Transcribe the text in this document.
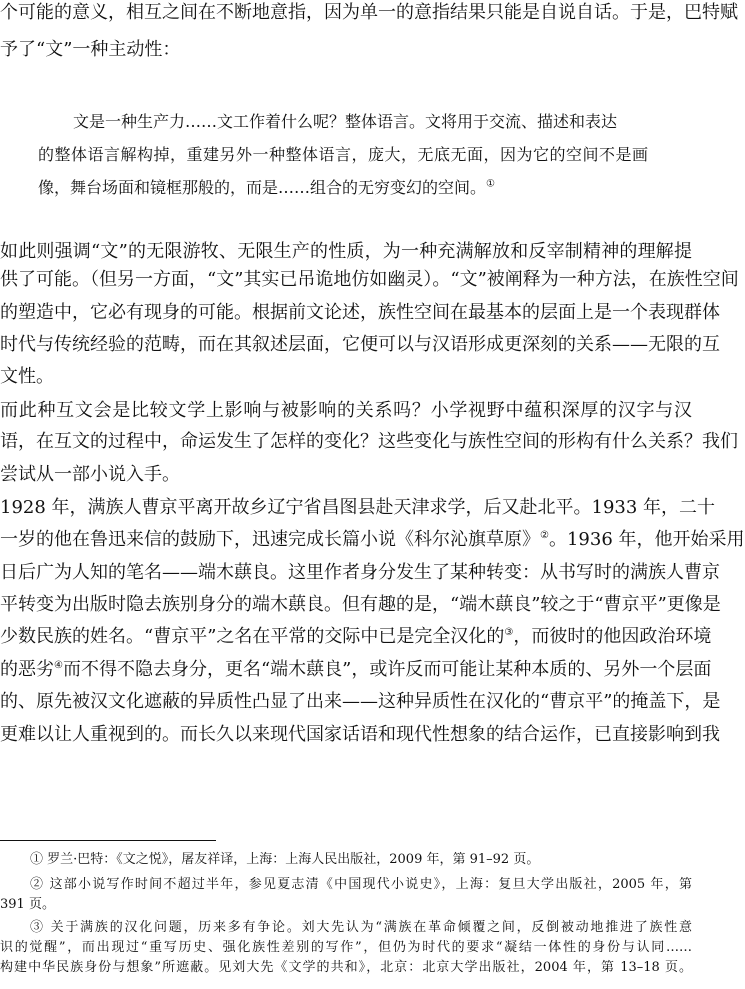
个可能的意义，相互之间在不断地意指，因为单一的意指结果只能是自说自话。于是，巴特赋
予了“文”一种主动性：
文是一种生产力……文工作着什么呢？整体语言。文将用于交流、描述和表达
的整体语言解构掉，重建另外一种整体语言，庞大，无底无面，因为它的空间不是画
像，舞台场面和镜框那般的，而是……组合的无穷变幻的空间。①
如此则强调“文”的无限游牧、无限生产的性质，为一种充满解放和反宰制精神的理解提
供了可能。（但另一方面，“文”其实已吊诡地仿如幽灵）。“文”被阐释为一种方法，在族性空间
的塑造中，它必有现身的可能。根据前文论述，族性空间在最基本的层面上是一个表现群体
时代与传统经验的范畴，而在其叙述层面，它便可以与汉语形成更深刻的关系——无限的互
文性。
而此种互文会是比较文学上影响与被影响的关系吗？小学视野中蕴积深厚的汉字与汉
语，在互文的过程中，命运发生了怎样的变化？这些变化与族性空间的形构有什么关系？我们
尝试从一部小说入手。
1928 年，满族人曹京平离开故乡辽宁省昌图县赴天津求学，后又赴北平。1933 年，二十
一岁的他在鲁迅来信的鼓励下，迅速完成长篇小说《科尔沁旗草原》②。1936 年，他开始采用
日后广为人知的笔名——端木蕻良。这里作者身分发生了某种转变：从书写时的满族人曹京
平转变为出版时隐去族别身分的端木蕻良。但有趣的是，“端木蕻良”较之于“曹京平”更像是
少数民族的姓名。“曹京平”之名在平常的交际中已是完全汉化的③，而彼时的他因政治环境
的恶劣④而不得不隐去身分，更名“端木蕻良”，或许反而可能让某种本质的、另外一个层面
的、原先被汉文化遮蔽的异质性凸显了出来——这种异质性在汉化的“曹京平”的掩盖下，是
更难以让人重视到的。而长久以来现代国家话语和现代性想象的结合运作，已直接影响到我
① 罗兰·巴特：《文之悦》，屠友祥译，上海：上海人民出版社，2009 年，第 91–92 页。
② 这部小说写作时间不超过半年，参见夏志清《中国现代小说史》，上海：复旦大学出版社，2005 年，第
391 页。
③ 关于满族的汉化问题，历来多有争论。刘大先认为“满族在革命倾覆之间，反倒被动地推进了族性意
识的觉醒”，而出现过“重写历史、强化族性差别的写作”，但仍为时代的要求“凝结一体性的身份与认同……
构建中华民族身份与想象”所遮蔽。见刘大先《文学的共和》，北京：北京大学出版社，2004 年，第 13–18 页。
